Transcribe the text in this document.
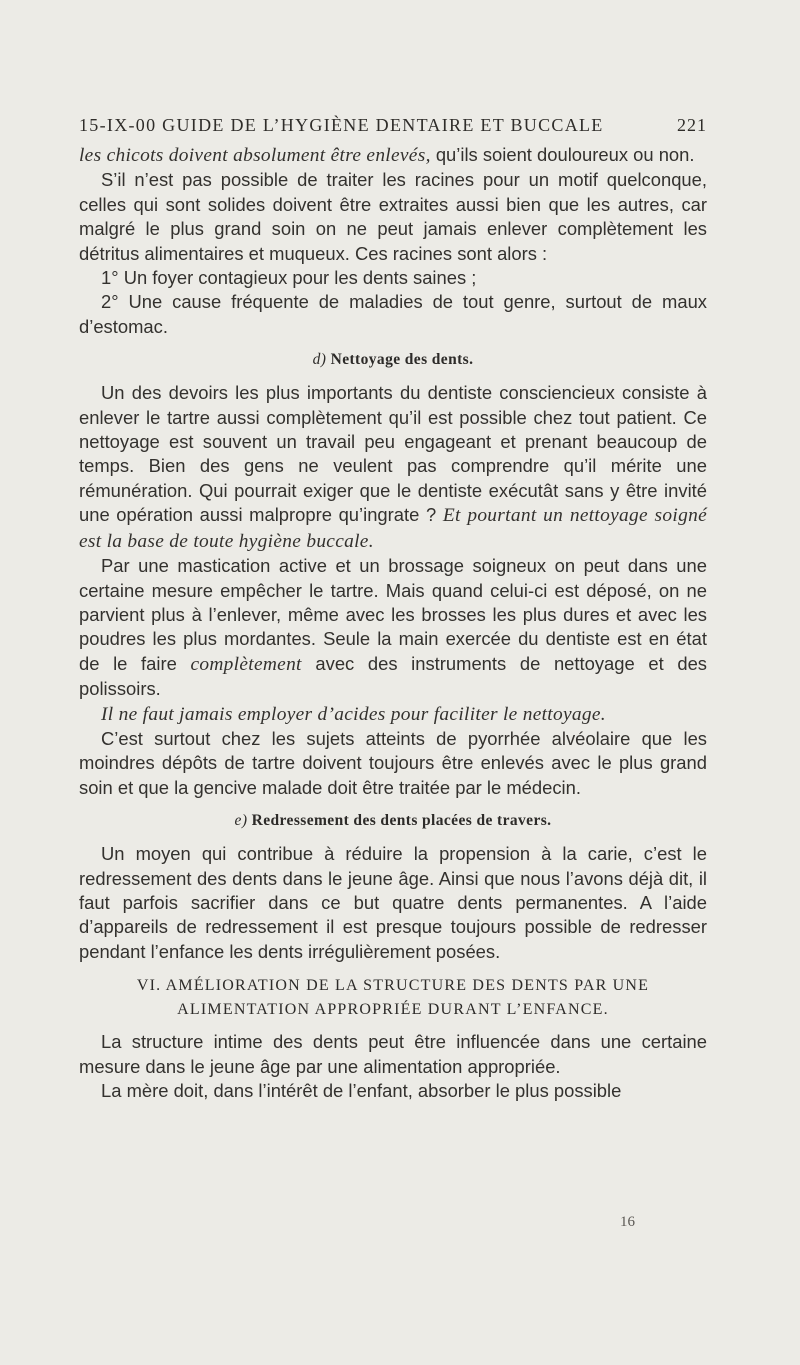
15-IX-00 GUIDE DE L’HYGIÈNE DENTAIRE ET BUCCALE	221

les chicots doivent absolument être enlevés, qu’ils soient douloureux ou non.

S’il n’est pas possible de traiter les racines pour un motif quelconque, celles qui sont solides doivent être extraites aussi bien que les autres, car malgré le plus grand soin on ne peut jamais enlever complètement les détritus alimentaires et muqueux. Ces racines sont alors :

1° Un foyer contagieux pour les dents saines ;

2° Une cause fréquente de maladies de tout genre, surtout de maux d’estomac.

d) Nettoyage des dents.

Un des devoirs les plus importants du dentiste consciencieux consiste à enlever le tartre aussi complètement qu’il est possible chez tout patient. Ce nettoyage est souvent un travail peu engageant et prenant beaucoup de temps. Bien des gens ne veulent pas comprendre qu’il mérite une rémunération. Qui pourrait exiger que le dentiste exécutât sans y être invité une opération aussi malpropre qu’ingrate ? Et pourtant un nettoyage soigné est la base de toute hygiène buccale.

Par une mastication active et un brossage soigneux on peut dans une certaine mesure empêcher le tartre. Mais quand celui-ci est déposé, on ne parvient plus à l’enlever, même avec les brosses les plus dures et avec les poudres les plus mordantes. Seule la main exercée du dentiste est en état de le faire complètement avec des instruments de nettoyage et des polissoirs.

Il ne faut jamais employer d’acides pour faciliter le nettoyage.

C’est surtout chez les sujets atteints de pyorrhée alvéolaire que les moindres dépôts de tartre doivent toujours être enlevés avec le plus grand soin et que la gencive malade doit être traitée par le médecin.

e) Redressement des dents placées de travers.

Un moyen qui contribue à réduire la propension à la carie, c’est le redressement des dents dans le jeune âge. Ainsi que nous l’avons déjà dit, il faut parfois sacrifier dans ce but quatre dents permanentes. A l’aide d’appareils de redressement il est presque toujours possible de redresser pendant l’enfance les dents irrégulièrement posées.

VI. AMÉLIORATION DE LA STRUCTURE DES DENTS PAR UNE

ALIMENTATION APPROPRIÉE DURANT L’ENFANCE.

La structure intime des dents peut être influencée dans une certaine mesure dans le jeune âge par une alimentation appropriée.

La mère doit, dans l’intérêt de l’enfant, absorber le plus possible

16
